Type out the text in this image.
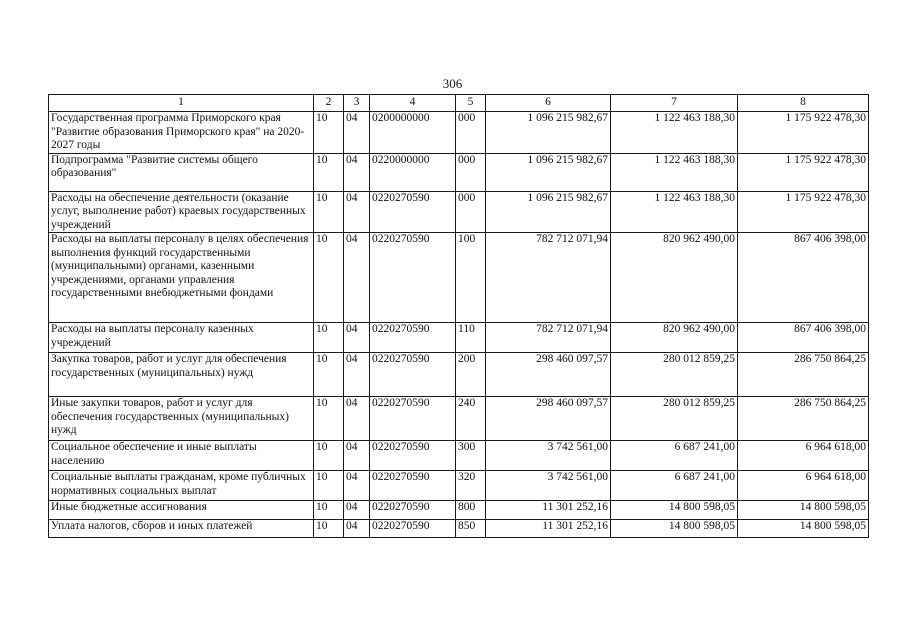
306
1	2	3	4	5	6	7	8
Государственная программа Приморского края "Развитие образования Приморского края" на 2020-2027 годы	10	04	0200000000	000	1 096 215 982,67	1 122 463 188,30	1 175 922 478,30
Подпрограмма "Развитие системы общего образования"	10	04	0220000000	000	1 096 215 982,67	1 122 463 188,30	1 175 922 478,30
Расходы на обеспечение деятельности (оказание услуг, выполнение работ) краевых государственных учреждений	10	04	0220270590	000	1 096 215 982,67	1 122 463 188,30	1 175 922 478,30
Расходы на выплаты персоналу в целях обеспечения выполнения функций государственными (муниципальными) органами, казенными учреждениями, органами управления государственными внебюджетными фондами	10	04	0220270590	100	782 712 071,94	820 962 490,00	867 406 398,00
Расходы на выплаты персоналу казенных учреждений	10	04	0220270590	110	782 712 071,94	820 962 490,00	867 406 398,00
Закупка товаров, работ и услуг для обеспечения государственных (муниципальных) нужд	10	04	0220270590	200	298 460 097,57	280 012 859,25	286 750 864,25
Иные закупки товаров, работ и услуг для обеспечения государственных (муниципальных) нужд	10	04	0220270590	240	298 460 097,57	280 012 859,25	286 750 864,25
Социальное обеспечение и иные выплаты населению	10	04	0220270590	300	3 742 561,00	6 687 241,00	6 964 618,00
Социальные выплаты гражданам, кроме публичных нормативных социальных выплат	10	04	0220270590	320	3 742 561,00	6 687 241,00	6 964 618,00
Иные бюджетные ассигнования	10	04	0220270590	800	11 301 252,16	14 800 598,05	14 800 598,05
Уплата налогов, сборов и иных платежей	10	04	0220270590	850	11 301 252,16	14 800 598,05	14 800 598,05
